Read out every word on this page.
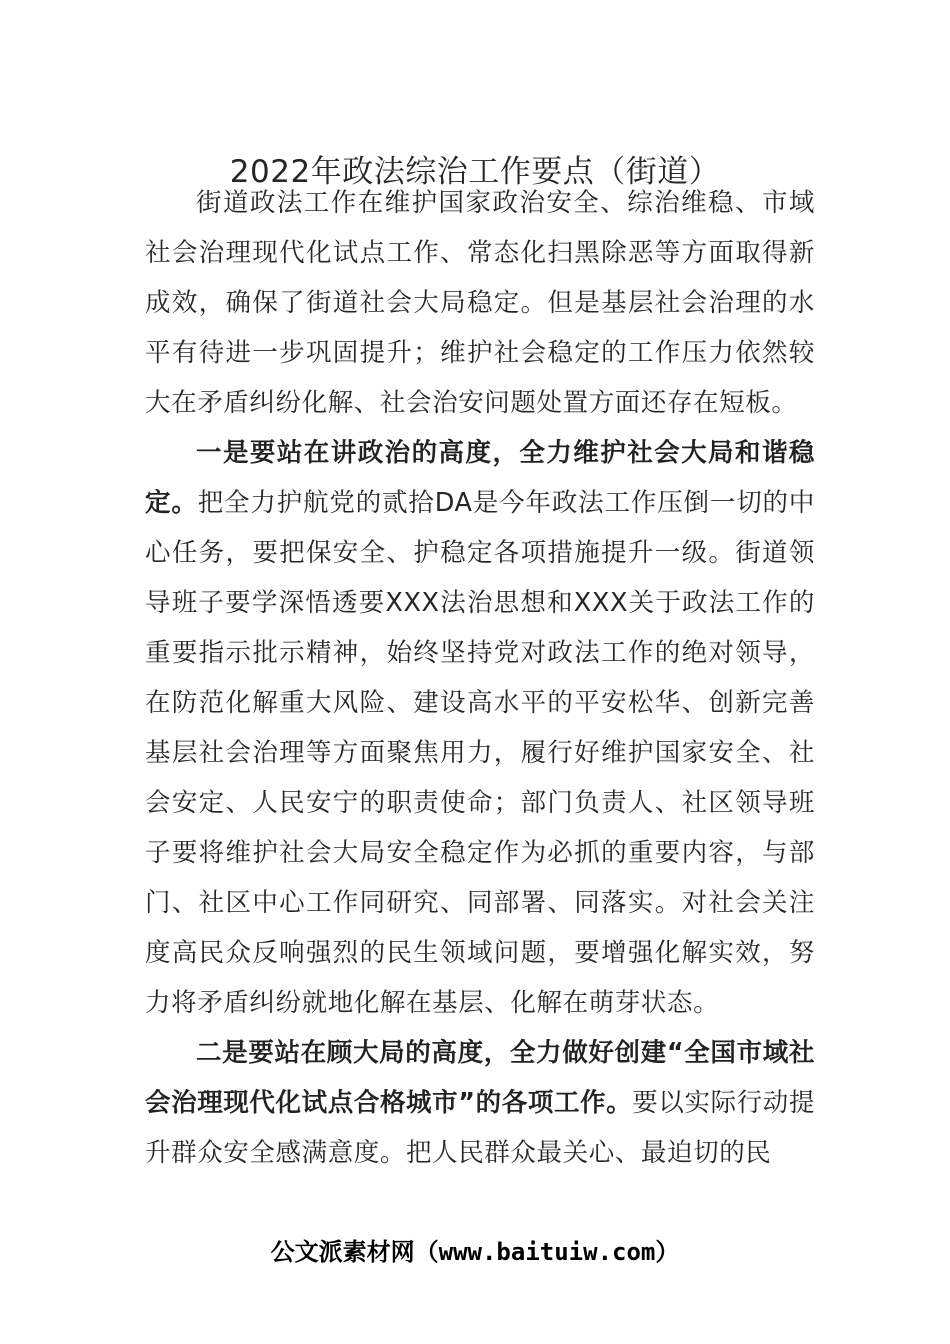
2022年政法综治工作要点（街道）

街道政法工作在维护国家政治安全、综治维稳、市域社会治理现代化试点工作、常态化扫黑除恶等方面取得新成效，确保了街道社会大局稳定。但是基层社会治理的水平有待进一步巩固提升；维护社会稳定的工作压力依然较大在矛盾纠纷化解、社会治安问题处置方面还存在短板。

一是要站在讲政治的高度，全力维护社会大局和谐稳定。把全力护航党的贰拾DA是今年政法工作压倒一切的中心任务，要把保安全、护稳定各项措施提升一级。街道领导班子要学深悟透要XXX法治思想和XXX关于政法工作的重要指示批示精神，始终坚持党对政法工作的绝对领导，在防范化解重大风险、建设高水平的平安松华、创新完善基层社会治理等方面聚焦用力，履行好维护国家安全、社会安定、人民安宁的职责使命；部门负责人、社区领导班子要将维护社会大局安全稳定作为必抓的重要内容，与部门、社区中心工作同研究、同部署、同落实。对社会关注度高民众反响强烈的民生领域问题，要增强化解实效，努力将矛盾纠纷就地化解在基层、化解在萌芽状态。

二是要站在顾大局的高度，全力做好创建“全国市域社会治理现代化试点合格城市”的各项工作。要以实际行动提升群众安全感满意度。把人民群众最关心、最迫切的民

公文派素材网（www.baituiw.com）
